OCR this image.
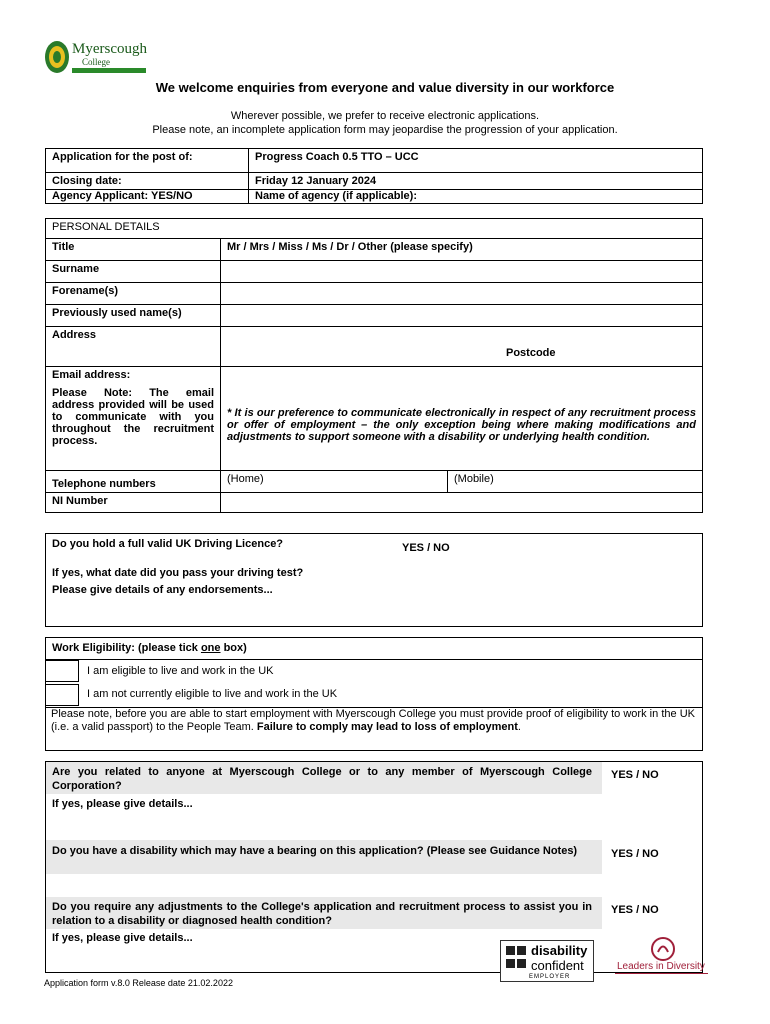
Myerscough
College
We welcome enquiries from everyone and value diversity in our workforce
Wherever possible, we prefer to receive electronic applications.
Please note, an incomplete application form may jeopardise the progression of your application.
Application for the post of:	Progress Coach 0.5 TTO – UCC
Closing date:	Friday 12 January 2024
Agency Applicant: YES/NO	Name of agency (if applicable):
PERSONAL DETAILS		
Title	Mr / Mrs / Miss / Ms / Dr / Other (please specify)	
Surname		
Forename(s)		
Previously used name(s)		
Address	Postcode	

Email address:
Please Note: The email address provided will be used to communicate with you throughout the recruitment process.	* It is our preference to communicate electronically in respect of any recruitment process or offer of employment – the only exception being where making modifications and adjustments to support someone with a disability or underlying health condition.	

Telephone numbers	(Home)	(Mobile)
NI Number		
Do you hold a full valid UK Driving Licence?	YES / NO
If yes, what date did you pass your driving test?
Please give details of any endorsements...
Work Eligibility: (please tick one box)
I am eligible to live and work in the UK
I am not currently eligible to live and work in the UK
Please note, before you are able to start employment with Myerscough College you must provide proof of eligibility to work in the UK (i.e. a valid passport) to the People Team. Failure to comply may lead to loss of employment.
Are you related to anyone at Myerscough College or to any member of Myerscough College Corporation?
YES / NO
If yes, please give details...
Do you have a disability which may have a bearing on this application? (Please see Guidance Notes)	YES / NO
Do you require any adjustments to the College's application and recruitment process to assist you in relation to a disability or diagnosed health condition?
YES / NO
If yes, please give details...
disability
confident
EMPLOYER
Leaders in Diversity
Application form v.8.0 Release date 21.02.2022
